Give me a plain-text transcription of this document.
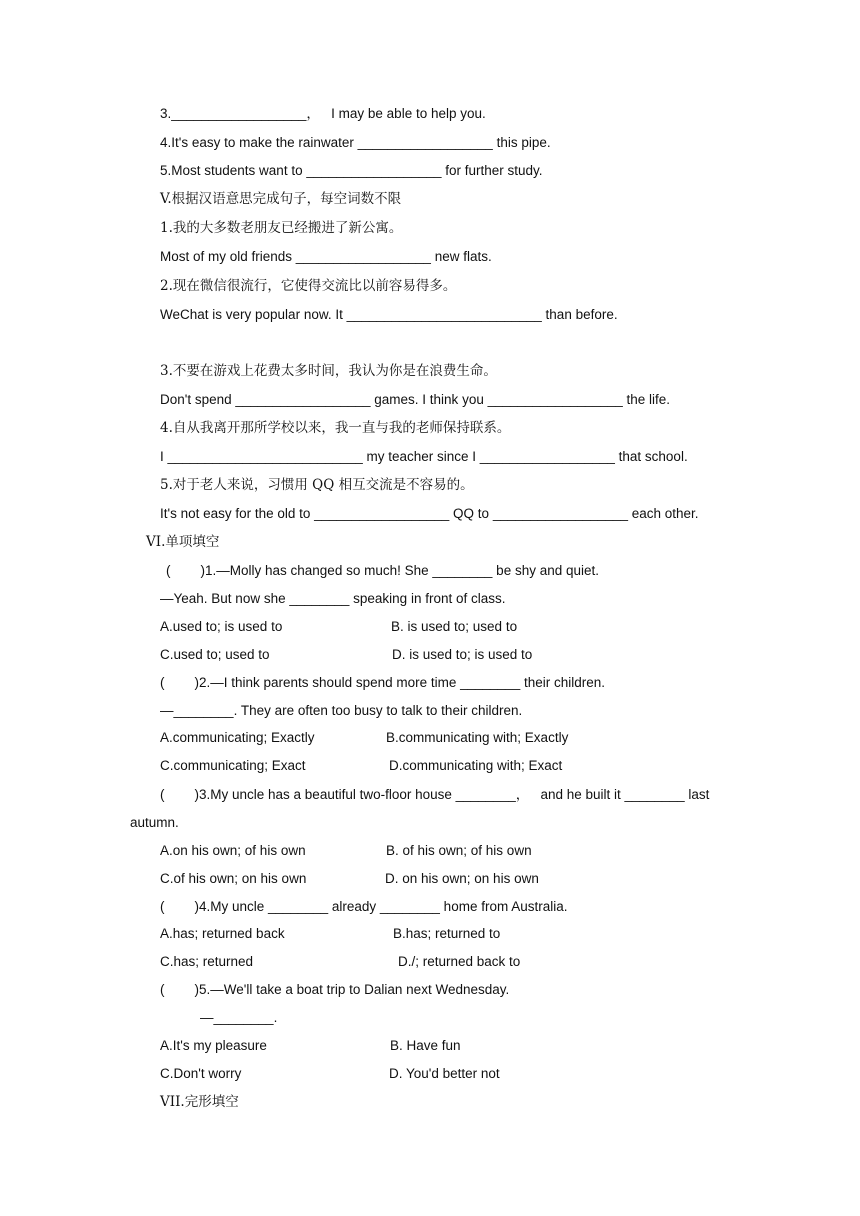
3.__________________，   I may be able to help you.
4.It's easy to make the rainwater __________________ this pipe.
5.Most students want to __________________ for further study.
V.根据汉语意思完成句子，每空词数不限
1.我的大多数老朋友已经搬进了新公寓。
Most of my old friends __________________ new flats.
2.现在微信很流行，它使得交流比以前容易得多。
WeChat is very popular now. It __________________________ than before.
3.不要在游戏上花费太多时间，我认为你是在浪费生命。
Don't spend __________________ games. I think you __________________ the life.
4.自从我离开那所学校以来，我一直与我的老师保持联系。
I __________________________ my teacher since I __________________ that school.
5.对于老人来说，习惯用 QQ 相互交流是不容易的。
It's not easy for the old to __________________ QQ to __________________ each other.
VI.单项填空
(        )1.—Molly has changed so much! She ________ be shy and quiet.
—Yeah. But now she ________ speaking in front of class.
A.used to; is used to	B. is used to; used to
C.used to; used to	D. is used to; is used to
(        )2.—I think parents should spend more time ________ their children.
—________. They are often too busy to talk to their children.
A.communicating; Exactly	B.communicating with; Exactly
C.communicating; Exact	D.communicating with; Exact
(        )3.My uncle has a beautiful two-floor house ________，   and he built it ________ last
autumn.
A.on his own; of his own	B. of his own; of his own
C.of his own; on his own	D. on his own; on his own
(        )4.My uncle ________ already ________ home from Australia.
A.has; returned back	B.has; returned to
C.has; returned	D./; returned back to
(        )5.—We'll take a boat trip to Dalian next Wednesday.
—________.
A.It's my pleasure	B. Have fun
C.Don't worry	D. You'd better not
VII.完形填空
